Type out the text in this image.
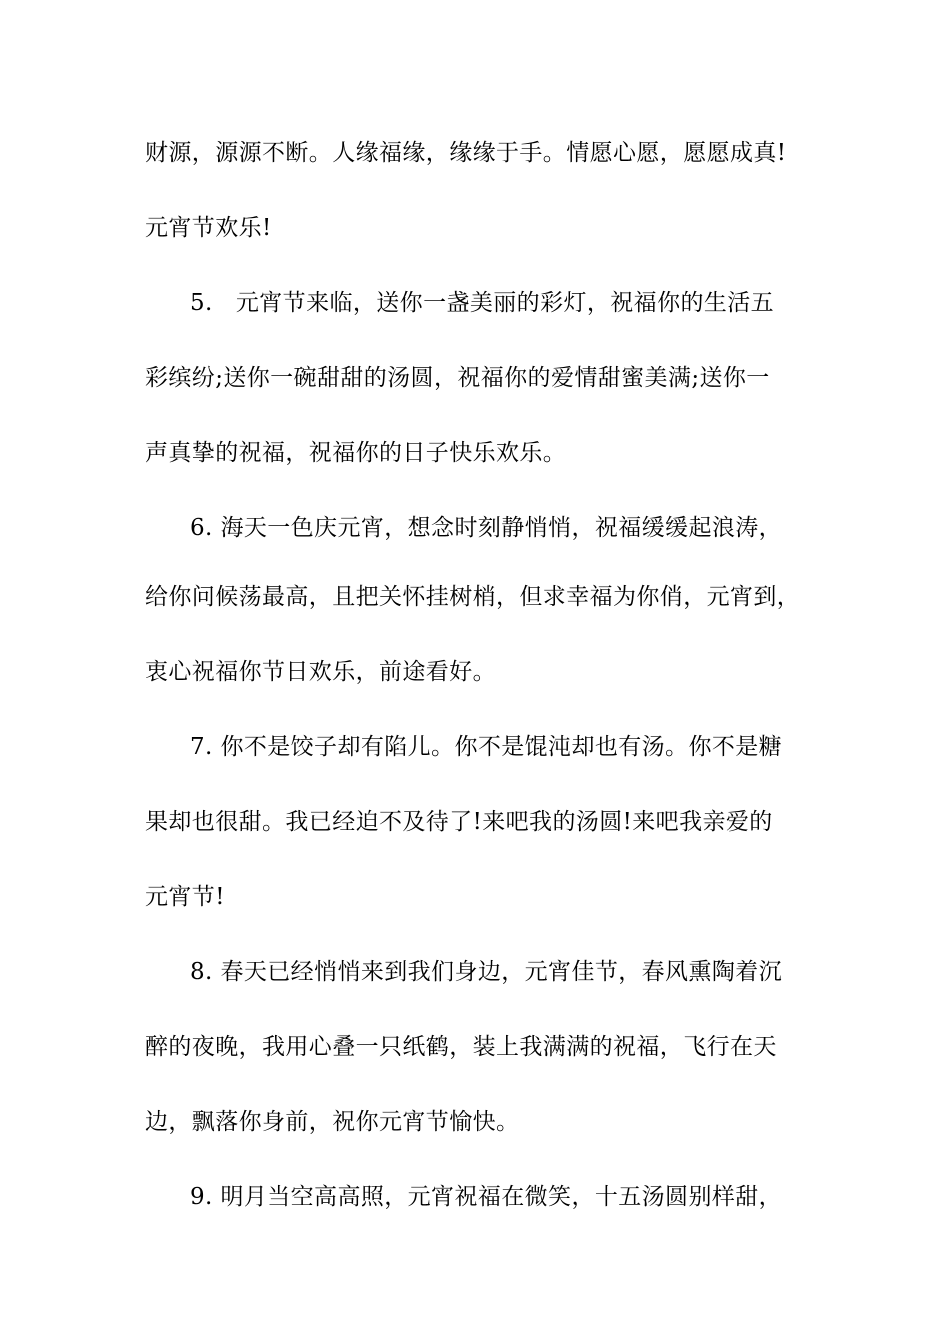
财源，源源不断。人缘福缘，缘缘于手。情愿心愿，愿愿成真!
元宵节欢乐!
5.   元宵节来临，送你一盏美丽的彩灯，祝福你的生活五
彩缤纷;送你一碗甜甜的汤圆，祝福你的爱情甜蜜美满;送你一
声真挚的祝福，祝福你的日子快乐欢乐。
6. 海天一色庆元宵，想念时刻静悄悄，祝福缓缓起浪涛，
给你问候荡最高，且把关怀挂树梢，但求幸福为你俏，元宵到，
衷心祝福你节日欢乐，前途看好。
7. 你不是饺子却有陷儿。你不是馄沌却也有汤。你不是糖
果却也很甜。我已经迫不及待了!来吧我的汤圆!来吧我亲爱的
元宵节!
8. 春天已经悄悄来到我们身边，元宵佳节，春风熏陶着沉
醉的夜晚，我用心叠一只纸鹤，装上我满满的祝福，飞行在天
边，飘落你身前，祝你元宵节愉快。
9. 明月当空高高照，元宵祝福在微笑，十五汤圆别样甜，
